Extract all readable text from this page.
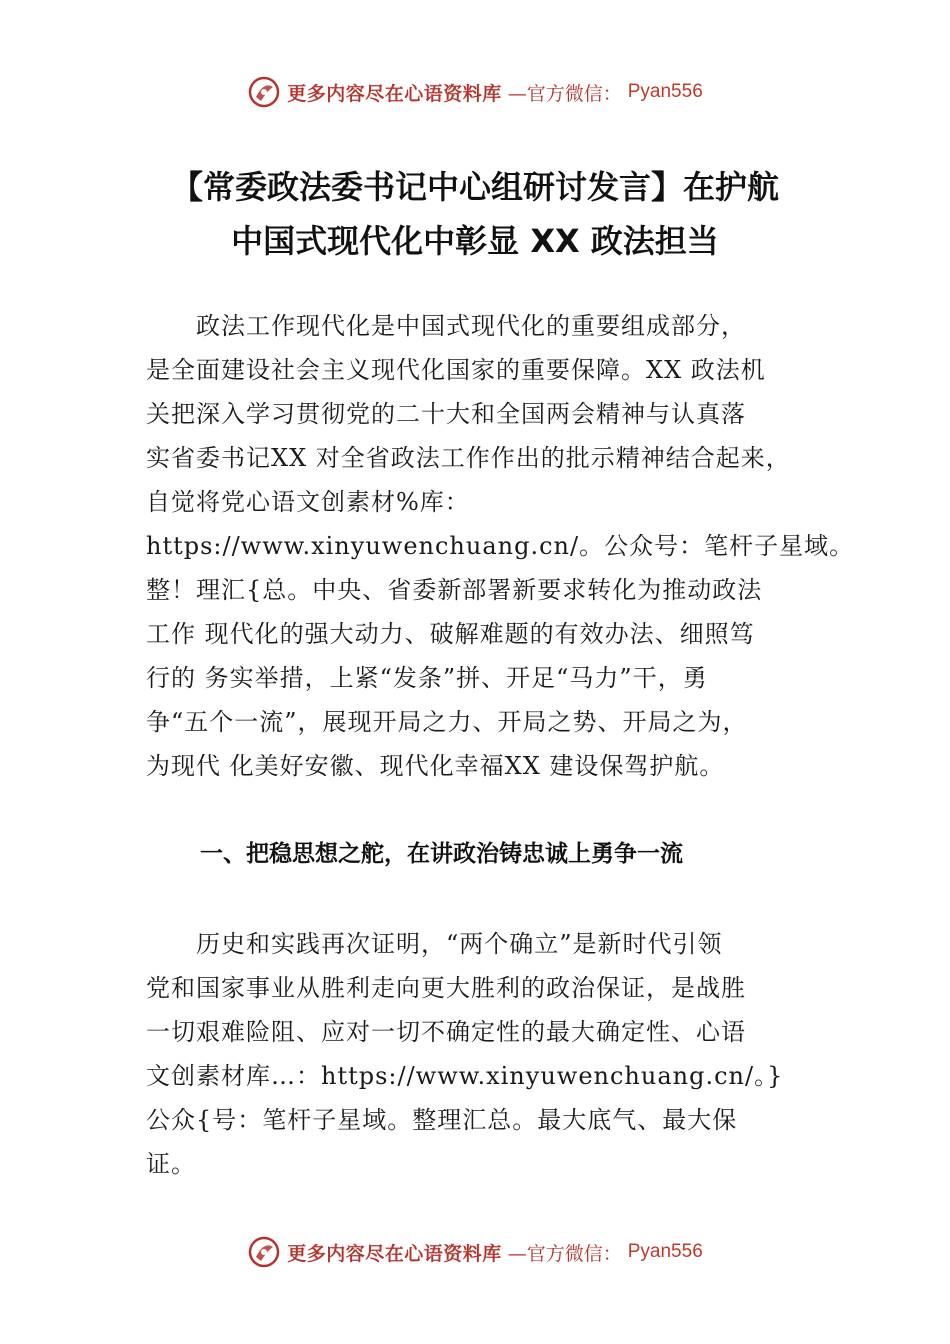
更多内容尽在心语资料库 —官方微信： Pyan556
【常委政法委书记中心组研讨发言】在护航
中国式现代化中彰显 XX 政法担当
　　政法工作现代化是中国式现代化的重要组成部分，
是全面建设社会主义现代化国家的重要保障。XX 政法机
关把深入学习贯彻党的二十大和全国两会精神与认真落
实省委书记XX 对全省政法工作作出的批示精神结合起来，
自觉将党心语文创素材%库：
https://www.xinyuwenchuang.cn/。公众号：笔杆子星域。
整！理汇{总。中央、省委新部署新要求转化为推动政法
工作 现代化的强大动力、破解难题的有效办法、细照笃
行的 务实举措，上紧“发条”拼、开足“马力”干，勇
争“五个一流”，展现开局之力、开局之势、开局之为，
为现代 化美好安徽、现代化幸福XX 建设保驾护航。
一、把稳思想之舵，在讲政治铸忠诚上勇争一流
　　历史和实践再次证明，“两个确立”是新时代引领
党和国家事业从胜利走向更大胜利的政治保证，是战胜
一切艰难险阻、应对一切不确定性的最大确定性、心语
文创素材库…：https://www.xinyuwenchuang.cn/。}
公众{号：笔杆子星域。整理汇总。最大底气、最大保
证。
更多内容尽在心语资料库 —官方微信： Pyan556
